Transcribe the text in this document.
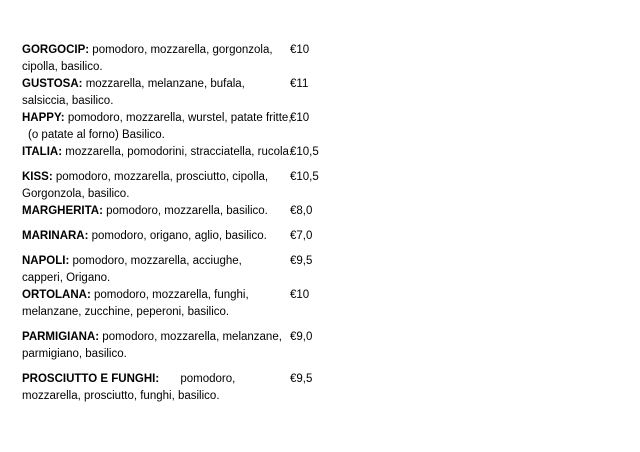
GORGOCIP: pomodoro, mozzarella, gorgonzola, cipolla, basilico.
€10
GUSTOSA: mozzarella, melanzane, bufala, salsiccia, basilico.
€11
HAPPY: pomodoro, mozzarella, wurstel, patate fritte,
(o patate al forno) Basilico.
€10
ITALIA: mozzarella, pomodorini, stracciatella, rucola.
€10,5
KISS: pomodoro, mozzarella, prosciutto, cipolla, Gorgonzola, basilico.
€10,5
MARGHERITA: pomodoro, mozzarella, basilico.	€8,0
MARINARA: pomodoro, origano, aglio, basilico.	€7,0
NAPOLI: pomodoro, mozzarella, acciughe, capperi, Origano.
€9,5
ORTOLANA: pomodoro, mozzarella, funghi, melanzane, zucchine, peperoni, basilico.
€10
PARMIGIANA: pomodoro, mozzarella, melanzane, parmigiano, basilico.
€9,0
PROSCIUTTO E FUNGHI: pomodoro, mozzarella, prosciutto, funghi, basilico.
€9,5
